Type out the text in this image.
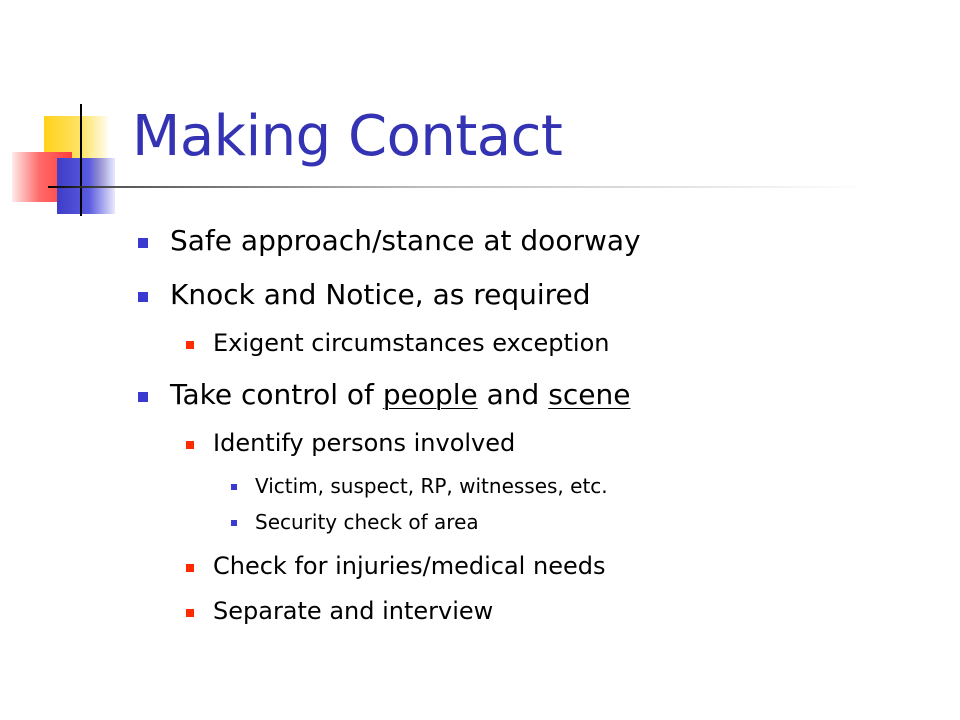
Making Contact
Safe approach/stance at doorway
Knock and Notice, as required
Exigent circumstances exception
Take control of people and scene
Identify persons involved
Victim, suspect, RP, witnesses, etc.
Security check of area
Check for injuries/medical needs
Separate and interview
